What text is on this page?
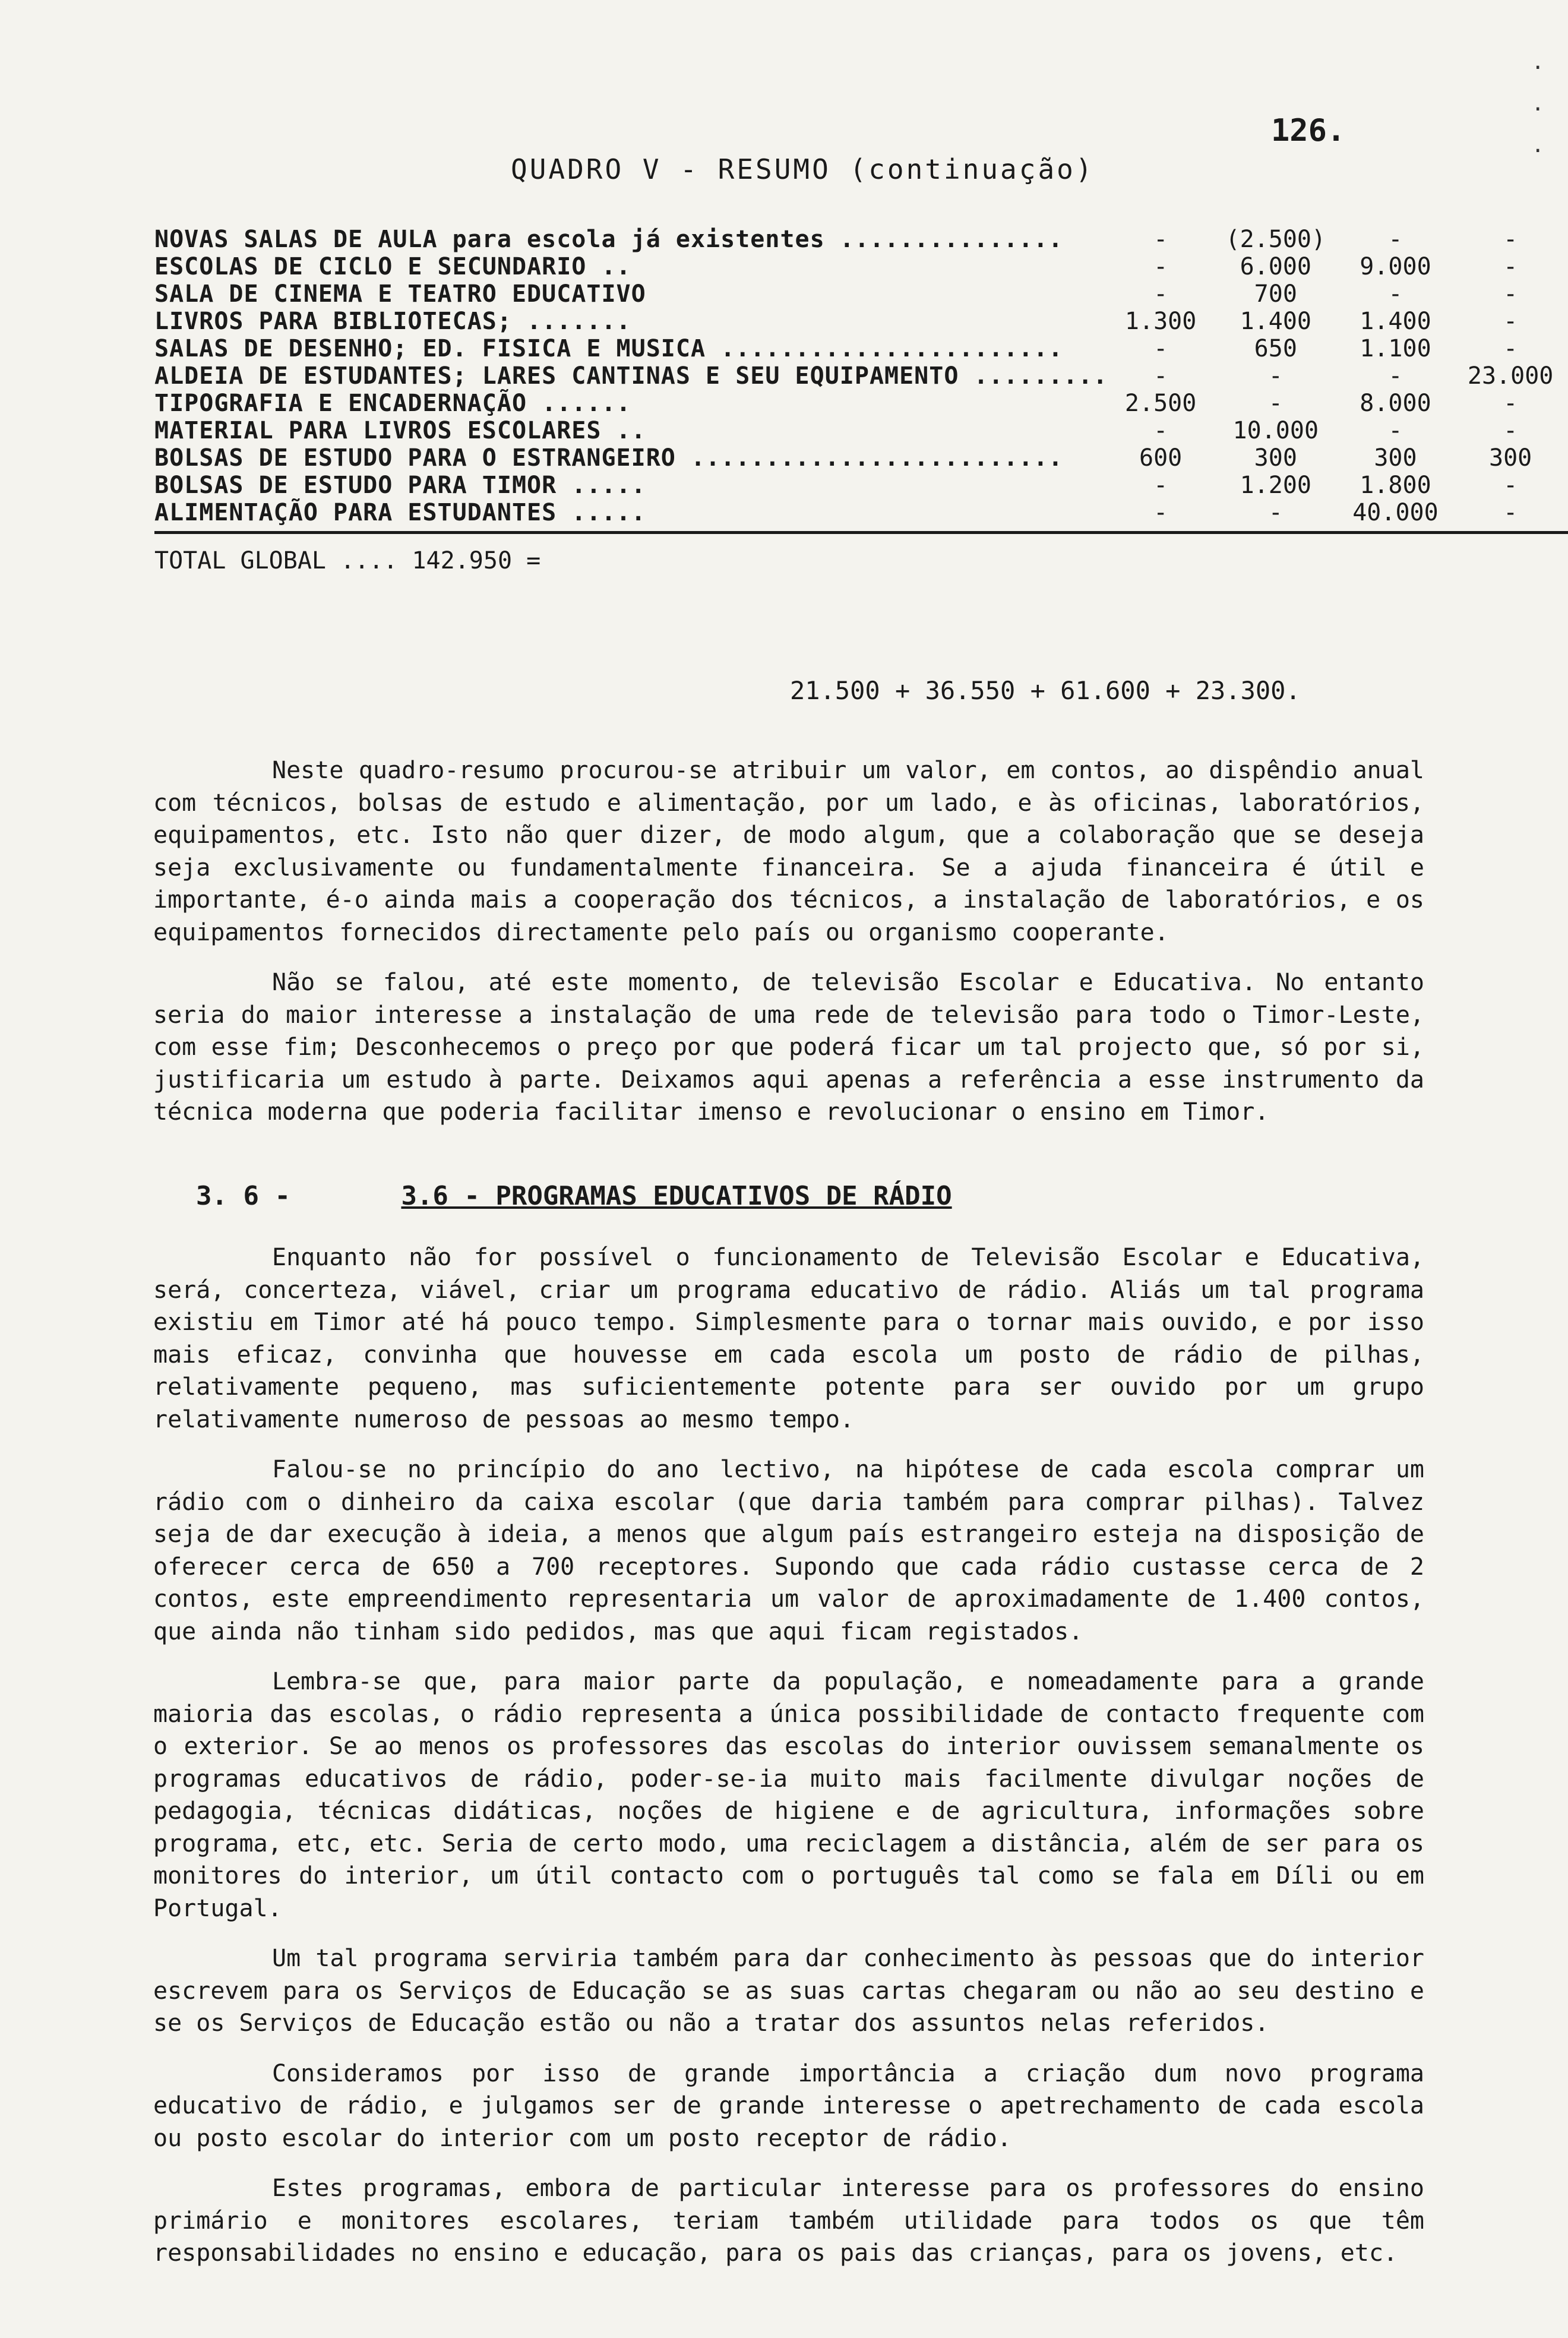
126.
·
·
·
QUADRO V - RESUMO (continuação)
NOVAS SALAS DE AULA para escola já existentes ...............	-	(2.500)	-	-
ESCOLAS DE CICLO E SECUNDARIO ..	-	6.000	9.000	-
SALA DE CINEMA E TEATRO EDUCATIVO	-	700	-	-
LIVROS PARA BIBLIOTECAS; .......	1.300	1.400	1.400	-
SALAS DE DESENHO; ED. FISICA E MUSICA .......................	-	650	1.100	-
ALDEIA DE ESTUDANTES; LARES CANTINAS E SEU EQUIPAMENTO .........	-	-	-	23.000
TIPOGRAFIA E ENCADERNAÇÃO ......	2.500	-	8.000	-
MATERIAL PARA LIVROS ESCOLARES ..	-	10.000	-	-
BOLSAS DE ESTUDO PARA O ESTRANGEIRO .........................	600	300	300	300
BOLSAS DE ESTUDO PARA TIMOR .....	-	1.200	1.800	-
ALIMENTAÇÃO PARA ESTUDANTES .....	-	-	40.000	-
TOTAL GLOBAL .... 142.950 =				
21.500 + 36.550 + 61.600 + 23.300.

Neste quadro-resumo procurou-se atribuir um valor, em contos, ao dispêndio anual com técnicos, bolsas de estudo e alimentação, por um lado, e às oficinas, laboratórios, equipamentos, etc. Isto não quer dizer, de modo algum, que a colaboração que se deseja seja exclusivamente ou fundamentalmente financeira. Se a ajuda financeira é útil e importante, é-o ainda mais a cooperação dos técnicos, a instalação de laboratórios, e os equipamentos fornecidos directamente pelo país ou organismo cooperante.

Não se falou, até este momento, de televisão Escolar e Educativa. No entanto seria do maior interesse a instalação de uma rede de televisão para todo o Timor-Leste, com esse fim; Desconhecemos o preço por que poderá ficar um tal projecto que, só por si, justificaria um estudo à parte. Deixamos aqui apenas a referência a esse instrumento da técnica moderna que poderia facilitar imenso e revolucionar o ensino em Timor.

3. 6 -	3.6 - PROGRAMAS EDUCATIVOS DE RÁDIO

Enquanto não for possível o funcionamento de Televisão Escolar e Educativa, será, concerteza, viável, criar um programa educativo de rádio. Aliás um tal programa existiu em Timor até há pouco tempo. Simplesmente para o tornar mais ouvido, e por isso mais eficaz, convinha que houvesse em cada escola um posto de rádio de pilhas, relativamente pequeno, mas suficientemente potente para ser ouvido por um grupo relativamente numeroso de pessoas ao mesmo tempo.

Falou-se no princípio do ano lectivo, na hipótese de cada escola comprar um rádio com o dinheiro da caixa escolar (que daria também para comprar pilhas). Talvez seja de dar execução à ideia, a menos que algum país estrangeiro esteja na disposição de oferecer cerca de 650 a 700 receptores. Supondo que cada rádio custasse cerca de 2 contos, este empreendimento representaria um valor de aproximadamente de 1.400 contos, que ainda não tinham sido pedidos, mas que aqui ficam registados.

Lembra-se que, para maior parte da população, e nomeadamente para a grande maioria das escolas, o rádio representa a única possibilidade de contacto frequente com o exterior. Se ao menos os professores das escolas do interior ouvissem semanalmente os programas educativos de rádio, poder-se-ia muito mais facilmente divulgar noções de pedagogia, técnicas didáticas, noções de higiene e de agricultura, informações sobre programa, etc, etc. Seria de certo modo, uma reciclagem a distância, além de ser para os monitores do interior, um útil contacto com o português tal como se fala em Díli ou em Portugal.

Um tal programa serviria também para dar conhecimento às pessoas que do interior escrevem para os Serviços de Educação se as suas cartas chegaram ou não ao seu destino e se os Serviços de Educação estão ou não a tratar dos assuntos nelas referidos.

Consideramos por isso de grande importância a criação dum novo programa educativo de rádio, e julgamos ser de grande interesse o apetrechamento de cada escola ou posto escolar do interior com um posto receptor de rádio.

Estes programas, embora de particular interesse para os professores do ensino primário e monitores escolares, teriam também utilidade para todos os que têm responsabilidades no ensino e educação, para os pais das crianças, para os jovens, etc.
